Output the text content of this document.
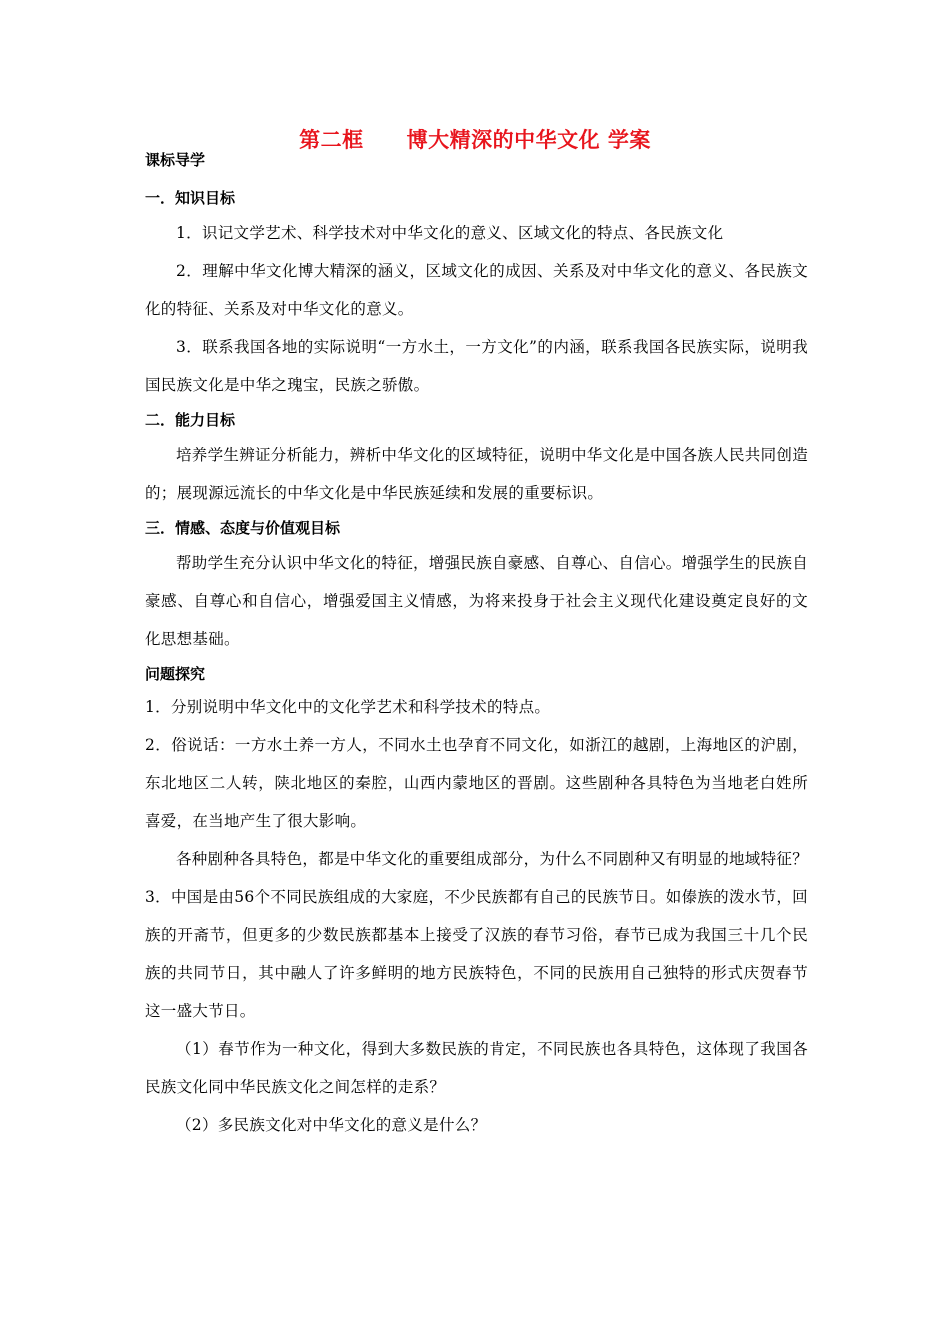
第二框　　博大精深的中华文化 学案

课标导学

一．知识目标

1．识记文学艺术、科学技术对中华文化的意义、区域文化的特点、各民族文化

2．理解中华文化博大精深的涵义，区域文化的成因、关系及对中华文化的意义、各民族文化的特征、关系及对中华文化的意义。

3．联系我国各地的实际说明“一方水土，一方文化”的内涵，联系我国各民族实际，说明我国民族文化是中华之瑰宝，民族之骄傲。

二．能力目标

培养学生辨证分析能力，辨析中华文化的区域特征，说明中华文化是中国各族人民共同创造的；展现源远流长的中华文化是中华民族延续和发展的重要标识。

三．情感、态度与价值观目标

帮助学生充分认识中华文化的特征，增强民族自豪感、自尊心、自信心。增强学生的民族自豪感、自尊心和自信心，增强爱国主义情感，为将来投身于社会主义现代化建设奠定良好的文化思想基础。

问题探究

1．分别说明中华文化中的文化学艺术和科学技术的特点。

2．俗说话：一方水土养一方人，不同水土也孕育不同文化，如浙江的越剧，上海地区的沪剧，东北地区二人转，陕北地区的秦腔，山西内蒙地区的晋剧。这些剧种各具特色为当地老白姓所喜爱，在当地产生了很大影响。

各种剧种各具特色，都是中华文化的重要组成部分，为什么不同剧种又有明显的地域特征？

3．中国是由56个不同民族组成的大家庭，不少民族都有自己的民族节日。如傣族的泼水节，回族的开斋节，但更多的少数民族都基本上接受了汉族的春节习俗，春节已成为我国三十几个民族的共同节日，其中融人了许多鲜明的地方民族特色，不同的民族用自己独特的形式庆贺春节这一盛大节日。

（1）春节作为一种文化，得到大多数民族的肯定，不同民族也各具特色，这体现了我国各民族文化同中华民族文化之间怎样的走系？

（2）多民族文化对中华文化的意义是什么？
